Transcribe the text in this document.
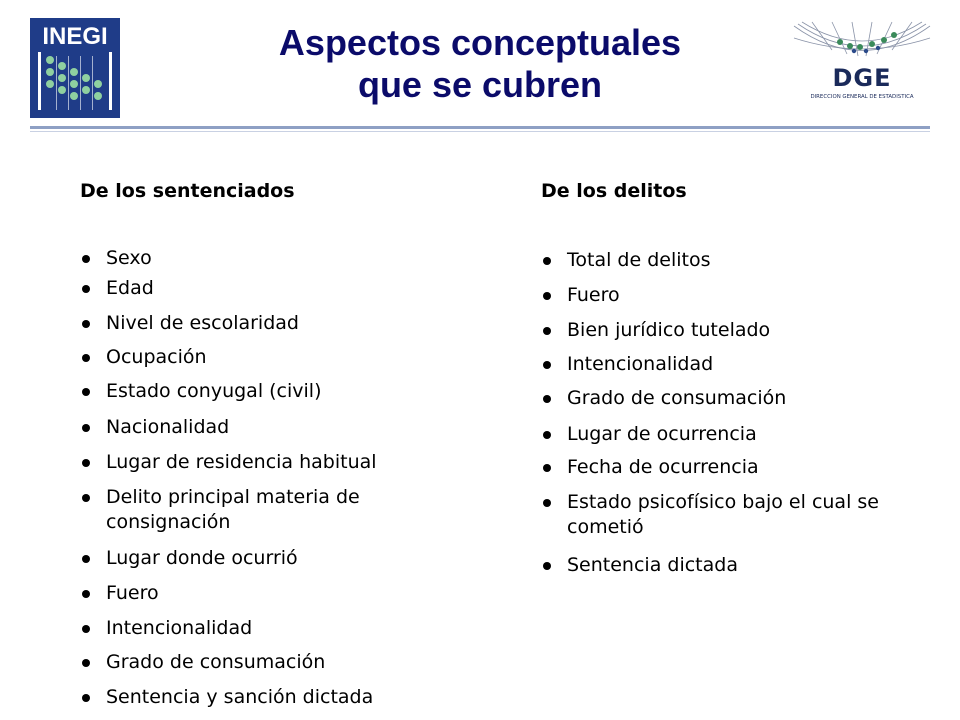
INEGI	Aspectos conceptuales
que se cubren	DGE
DIRECCION GENERAL DE ESTADISTICA
De los sentenciados
Sexo
Edad
Nivel de escolaridad
Ocupación
Estado conyugal (civil)
Nacionalidad
Lugar de residencia habitual
Delito principal materia de consignación
Lugar donde ocurrió
Fuero
Intencionalidad
Grado de consumación
Sentencia y sanción dictada
De los delitos
Total de delitos
Fuero
Bien jurídico tutelado
Intencionalidad
Grado de consumación
Lugar de ocurrencia
Fecha de ocurrencia
Estado psicofísico bajo el cual se cometió
Sentencia dictada
